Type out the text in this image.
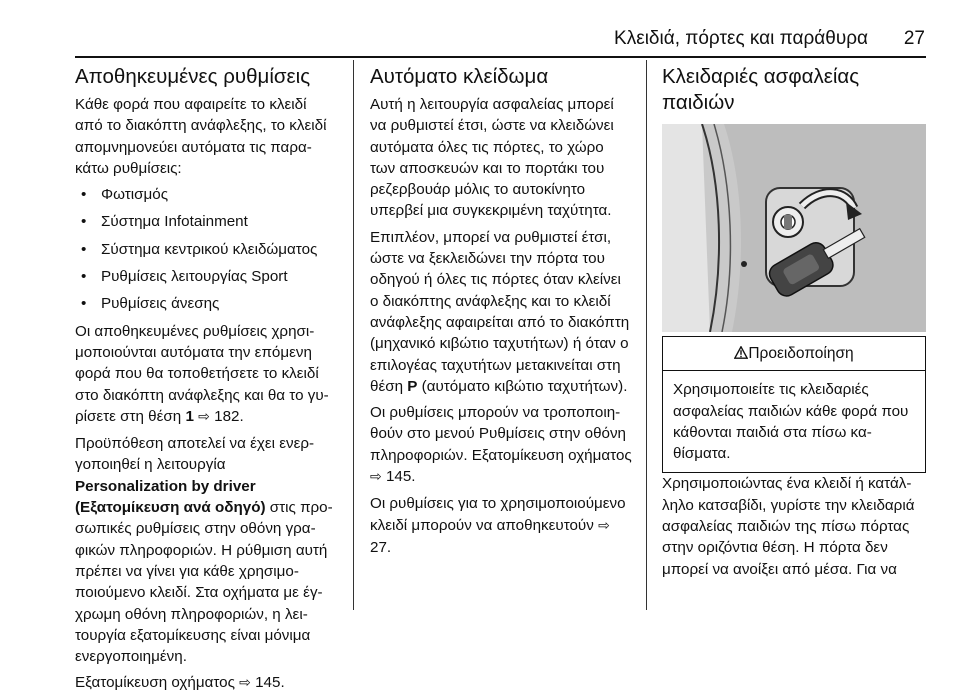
Κλειδιά, πόρτες και παράθυρα 27
Αποθηκευμένες ρυθμίσεις

Κάθε φορά που αφαιρείτε το κλειδί από το διακόπτη ανάφλεξης, το κλειδί απομνημονεύει αυτόματα τις παρακάτω ρυθμίσεις:

• Φωτισμός
• Σύστημα Infotainment
• Σύστημα κεντρικού κλειδώματος
• Ρυθμίσεις λειτουργίας Sport
• Ρυθμίσεις άνεσης

Οι αποθηκευμένες ρυθμίσεις χρησιμοποιούνται αυτόματα την επόμενη φορά που θα τοποθετήσετε το κλειδί στο διακόπτη ανάφλεξης και θα το γυρίσετε στη θέση 1 ⇨ 182.

Προϋπόθεση αποτελεί να έχει ενεργοποιηθεί η λειτουργία Personalization by driver (Εξατομίκευση ανά οδηγό) στις προσωπικές ρυθμίσεις στην οθόνη γραφικών πληροφοριών. Η ρύθμιση αυτή πρέπει να γίνει για κάθε χρησιμοποιούμενο κλειδί. Στα οχήματα με έγχρωμη οθόνη πληροφοριών, η λειτουργία εξατομίκευσης είναι μόνιμα ενεργοποιημένη.

Εξατομίκευση οχήματος ⇨ 145.

Αυτόματο κλείδωμα

Αυτή η λειτουργία ασφαλείας μπορεί να ρυθμιστεί έτσι, ώστε να κλειδώνει αυτόματα όλες τις πόρτες, το χώρο των αποσκευών και το πορτάκι του ρεζερβουάρ μόλις το αυτοκίνητο υπερβεί μια συγκεκριμένη ταχύτητα.

Επιπλέον, μπορεί να ρυθμιστεί έτσι, ώστε να ξεκλειδώνει την πόρτα του οδηγού ή όλες τις πόρτες όταν κλείνει ο διακόπτης ανάφλεξης και το κλειδί ανάφλεξης αφαιρείται από το διακόπτη (μηχανικό κιβώτιο ταχυτήτων) ή όταν ο επιλογέας ταχυτήτων μετακινείται στη θέση P (αυτόματο κιβώτιο ταχυτήτων).

Οι ρυθμίσεις μπορούν να τροποποιηθούν στο μενού Ρυθμίσεις στην οθόνη πληροφοριών. Εξατομίκευση οχήματος ⇨ 145.

Οι ρυθμίσεις για το χρησιμοποιούμενο κλειδί μπορούν να αποθηκευτούν ⇨ 27.

Κλειδαριές ασφαλείας παιδιών
Προειδοποίηση
Χρησιμοποιείτε τις κλειδαριές ασφαλείας παιδιών κάθε φορά που κάθονται παιδιά στα πίσω καθίσματα.

Χρησιμοποιώντας ένα κλειδί ή κατάλληλο κατσαβίδι, γυρίστε την κλειδαριά ασφαλείας παιδιών της πίσω πόρτας στην οριζόντια θέση. Η πόρτα δεν μπορεί να ανοίξει από μέσα. Για να
